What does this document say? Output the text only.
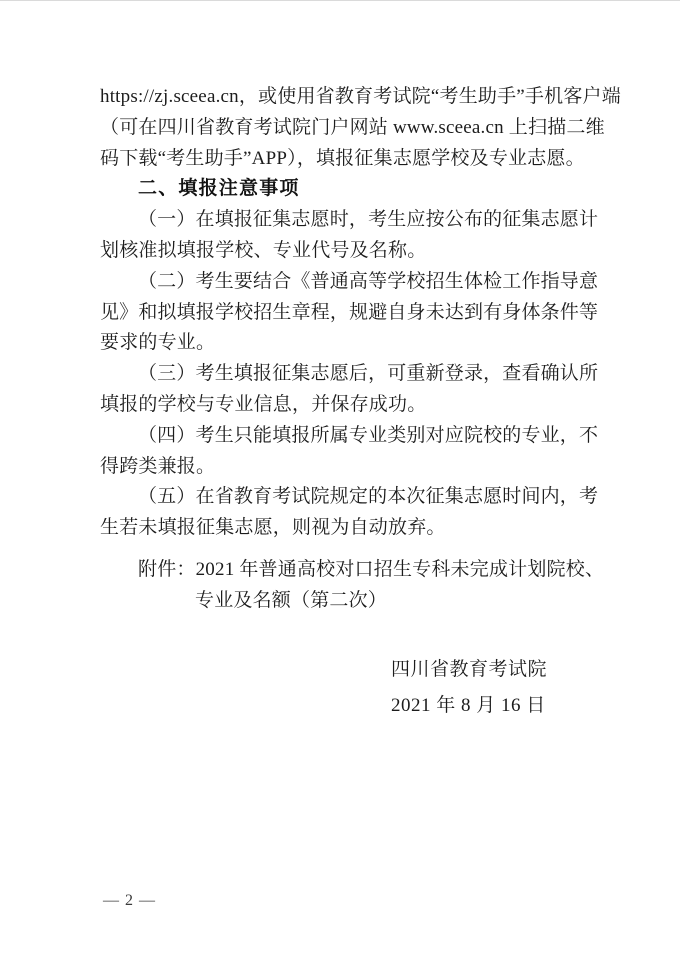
https://zj.sceea.cn，或使用省教育考试院“考生助手”手机客户端
（可在四川省教育考试院门户网站 www.sceea.cn 上扫描二维
码下载“考生助手”APP），填报征集志愿学校及专业志愿。
二、填报注意事项
（一）在填报征集志愿时，考生应按公布的征集志愿计
划核准拟填报学校、专业代号及名称。
（二）考生要结合《普通高等学校招生体检工作指导意
见》和拟填报学校招生章程，规避自身未达到有身体条件等
要求的专业。
（三）考生填报征集志愿后，可重新登录，查看确认所
填报的学校与专业信息，并保存成功。
（四）考生只能填报所属专业类别对应院校的专业，不
得跨类兼报。
（五）在省教育考试院规定的本次征集志愿时间内，考
生若未填报征集志愿，则视为自动放弃。
附件：2021 年普通高校对口招生专科未完成计划院校、
专业及名额（第二次）
四川省教育考试院
2021 年 8 月 16 日
— 2 —
